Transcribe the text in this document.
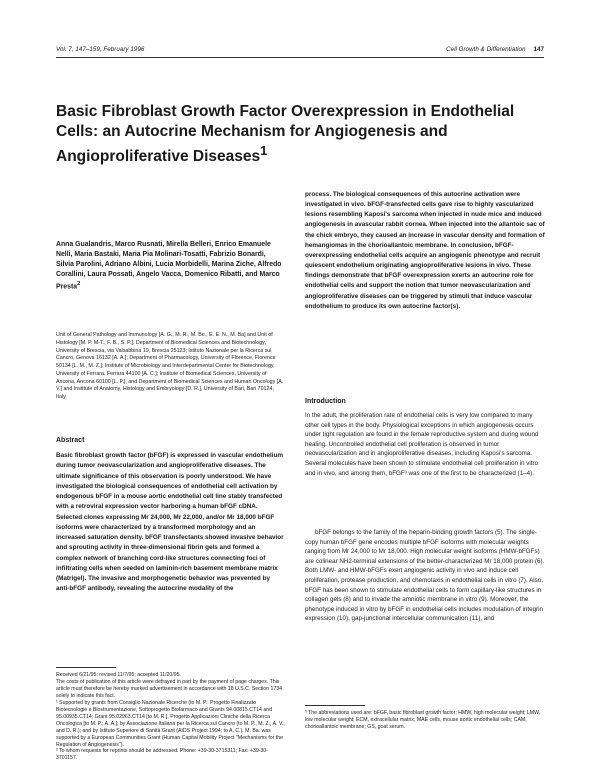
Vol. 7, 147–159, February 1996	Cell Growth & Differentiation 147
Basic Fibroblast Growth Factor Overexpression in Endothelial Cells: an Autocrine Mechanism for Angiogenesis and Angioproliferative Diseases$^1$

Anna Gualandris, Marco Rusnati, Mirella Belleri, Enrico Emanuele Nelli, Maria Bastaki, Maria Pia Molinari-Tosatti, Fabrizio Bonardi, Silvia Parolini, Adriano Albini, Lucia Morbidelli, Marina Ziche, Alfredo Corallini, Laura Possati, Angelo Vacca, Domenico Ribatti, and Marco Presta$^2$

Unit of General Pathology and Immunology [A. G., M. R., M. Be., E. E. N., M. Ba] and Unit of Histology [M. P. M-T., F. B., S. P.], Department of Biomedical Sciences and Biotechnology, University of Brescia, via Valsabbina 19, Brescia 25123; Istituto Nazionale per la Ricerca sul Cancro, Genova 16132 [A. A.]; Department of Pharmacology, University of Florence, Florence 50134 [L. M., M. Z.]; Institute of Microbiology and Interdepartmental Center for Biotechnology, University of Ferrara, Ferrara 44100 [A. C.]; Institute of Biomedical Sciences, University of Ancona, Ancona 60100 [L. P.]; and Department of Biomedical Sciences and Human Oncology [A. V.] and Institute of Anatomy, Histology and Embryology [D. R.], University of Bari, Bari 70124, Italy

Abstract

Basic fibroblast growth factor (bFGF) is expressed in vascular endothelium during tumor neovascularization and angioproliferative diseases. The ultimate significance of this observation is poorly understood. We have investigated the biological consequences of endothelial cell activation by endogenous bFGF in a mouse aortic endothelial cell line stably transfected with a retroviral expression vector harboring a human bFGF cDNA. Selected clones expressing Mr 24,000, Mr 22,000, and/or Mr 18,000 bFGF isoforms were characterized by a transformed morphology and an increased saturation density. bFGF transfectants showed invasive behavior and sprouting activity in three-dimensional fibrin gels and formed a complex network of branching cord-like structures connecting foci of infiltrating cells when seeded on laminin-rich basement membrane matrix (Matrigel). The invasive and morphogenetic behavior was prevented by anti-bFGF antibody, revealing the autocrine modality of the

process. The biological consequences of this autocrine activation were investigated in vivo. bFGF-transfected cells gave rise to highly vascularized lesions resembling Kaposi's sarcoma when injected in nude mice and induced angiogenesis in avascular rabbit cornea. When injected into the allantoic sac of the chick embryo, they caused an increase in vascular density and formation of hemangiomas in the chorioallantoic membrane. In conclusion, bFGF-overexpressing endothelial cells acquire an angiogenic phenotype and recruit quiescent endothelium originating angioproliferative lesions in vivo. These findings demonstrate that bFGF overexpression exerts an autocrine role for endothelial cells and support the notion that tumor neovascularization and angioproliferative diseases can be triggered by stimuli that induce vascular endothelium to produce its own autocrine factor(s).

Introduction

In the adult, the proliferation rate of endothelial cells is very low compared to many other cell types in the body. Physiological exceptions in which angiogenesis occurs under tight regulation are found in the female reproductive system and during wound healing. Uncontrolled endothelial cell proliferation is observed in tumor neovascularization and in angioproliferative diseases, including Kaposi's sarcoma. Several molecules have been shown to stimulate endothelial cell proliferation in vitro and in vivo, and among them, bFGF³ was one of the first to be characterized (1–4).

bFGF belongs to the family of the heparin-binding growth factors (5). The single-copy human bFGF gene encodes multiple bFGF isoforms with molecular weights ranging from Mr 24,000 to Mr 18,000. High molecular weight isoforms (HMW-bFGFs) are colinear NH2-terminal extensions of the better-characterized Mr 18,000 protein (6). Both LMW- and HMW-bFGFs exert angiogenic activity in vivo and induce cell proliferation, protease production, and chemotaxis in endothelial cells in vitro (7). Also, bFGF has been shown to stimulate endothelial cells to form capillary-like structures in collagen gels (8) and to invade the amniotic membrane in vitro (9). Moreover, the phenotype induced in vitro by bFGF in endothelial cells includes modulation of integrin expression (10), gap-junctional intercellular communication (11), and

Received 6/21/95; revised 11/7/95; accepted 11/20/95.

The costs of publication of this article were defrayed in part by the payment of page charges. This article must therefore be hereby marked advertisement in accordance with 18 U.S.C. Section 1734 solely to indicate this fact.

¹ Supported by grants from Consiglio Nazionale Ricerche (to M. P.: Progetto Finalizzato Biotecnologie e Biostrumentazione, Sottoprogetto Biofarmaco and Grants 94.00815.CT14 and 95.00935.CT14; Grant 95.02963.CT14 [to M. R.], Progetto Applicazioni Cliniche della Ricerca Oncologica [to M. P.; A. A.]; by Associazione Italiana per la Ricerca sul Cancro (to M. P., M. Z., A. V., and D. R.); and by Istituto Superiore di Sanità Grant (AIDS Project 1994; to A. C.). M. Ba. was supported by a European Communities Grant (Human Capital Mobility Project "Mechanisms for the Regulation of Angiogenesis").

² To whom requests for reprints should be addressed. Phone: +39-30-3715311; Fax: +39-30-3701157.

³ The abbreviations used are: bFGF, basic fibroblast growth factor; HMW, high molecular weight; LMW, low molecular weight; ECM, extracellular matrix; MAE cells, mouse aortic endothelial cells; CAM, chorioallantoic membrane; GS, goat serum.
